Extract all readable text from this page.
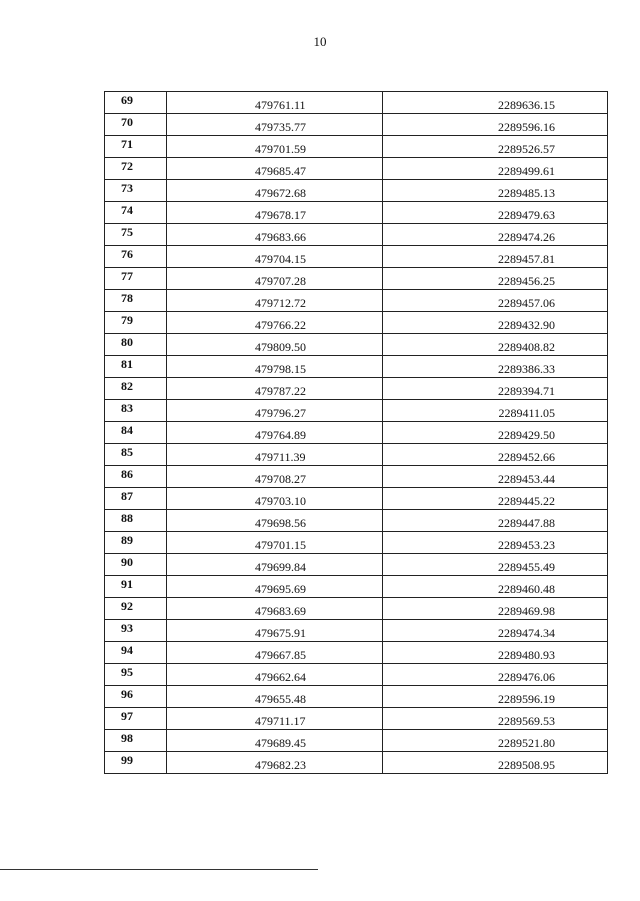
10
69	479761.11	2289636.15
70	479735.77	2289596.16
71	479701.59	2289526.57
72	479685.47	2289499.61
73	479672.68	2289485.13
74	479678.17	2289479.63
75	479683.66	2289474.26
76	479704.15	2289457.81
77	479707.28	2289456.25
78	479712.72	2289457.06
79	479766.22	2289432.90
80	479809.50	2289408.82
81	479798.15	2289386.33
82	479787.22	2289394.71
83	479796.27	2289411.05
84	479764.89	2289429.50
85	479711.39	2289452.66
86	479708.27	2289453.44
87	479703.10	2289445.22
88	479698.56	2289447.88
89	479701.15	2289453.23
90	479699.84	2289455.49
91	479695.69	2289460.48
92	479683.69	2289469.98
93	479675.91	2289474.34
94	479667.85	2289480.93
95	479662.64	2289476.06
96	479655.48	2289596.19
97	479711.17	2289569.53
98	479689.45	2289521.80
99	479682.23	2289508.95
